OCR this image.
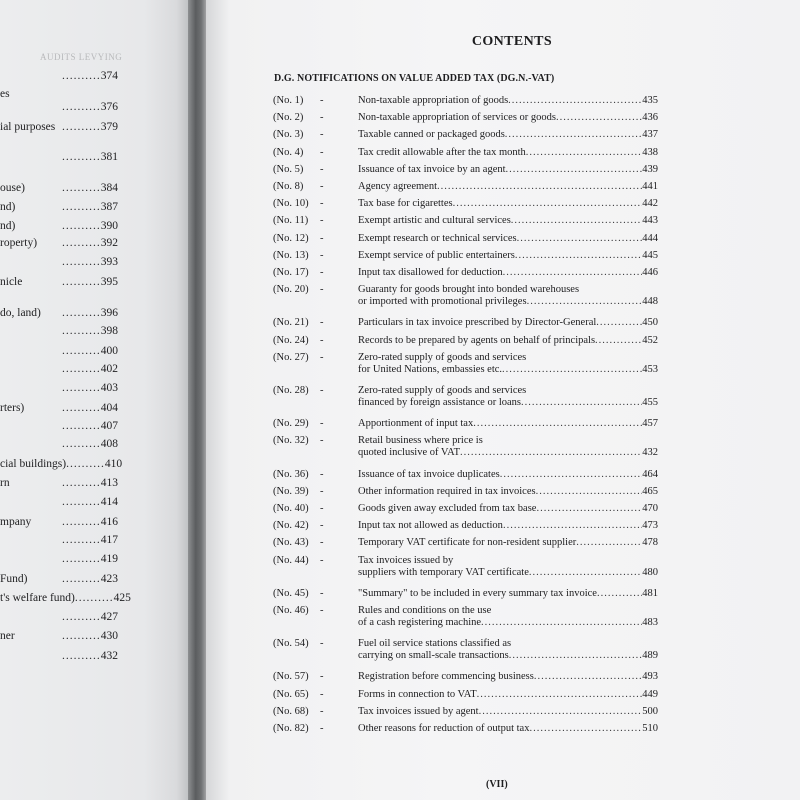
AUDITS LEVYING
..........374
es
..........376
ial purposes ..........379
..........381
ouse)	..........384
nd)	..........387
nd)	..........390
roperty) ..........392
..........393
nicle	..........395
do, land) ..........396
..........398
..........400
..........402
..........403
rters)	..........404
..........407
..........408
cial buildings) ..........410
rn	..........413
..........414
mpany	..........416
..........417
..........419
Fund)	..........423
t's welfare fund) ..........425
..........427
ner	..........430
..........432
CONTENTS
D.G. NOTIFICATIONS ON VALUE ADDED TAX (DG.N.-VAT)
(No. 1) -	Non-taxable appropriation of goods .....	435
(No. 2) -	Non-taxable appropriation of services or goods .....	436
(No. 3) -	Taxable canned or packaged goods .....	437
(No. 4) -	Tax credit allowable after the tax month .....	438
(No. 5) -	Issuance of tax invoice by an agent .....	439
(No. 8) -	Agency agreement .....	441
(No. 10) -	Tax base for cigarettes .....	442
(No. 11) -	Exempt artistic and cultural services .....	443
(No. 12) -	Exempt research or technical services .....	444
(No. 13) -	Exempt service of public entertainers .....	445
(No. 17) -	Input tax disallowed for deduction .....	446
(No. 20) -	Guaranty for goods brought into bonded warehouses
or imported with promotional privileges .....	448
(No. 21) -	Particulars in tax invoice prescribed by Director-General .....	450
(No. 24) -	Records to be prepared by agents on behalf of principals .....	452
(No. 27) -	Zero-rated supply of goods and services
for United Nations, embassies etc. .....	453
(No. 28) -	Zero-rated supply of goods and services
financed by foreign assistance or loans .....	455
(No. 29) -	Apportionment of input tax .....	457
(No. 32) -	Retail business where price is
quoted inclusive of VAT .....	432
(No. 36) -	Issuance of tax invoice duplicates .....	464
(No. 39) -	Other information required in tax invoices .....	465
(No. 40) -	Goods given away excluded from tax base .....	470
(No. 42) -	Input tax not allowed as deduction .....	473
(No. 43) -	Temporary VAT certificate for non-resident supplier .....	478
(No. 44) -	Tax invoices issued by
suppliers with temporary VAT certificate .....	480
(No. 45) -	"Summary" to be included in every summary tax invoice .....	481
(No. 46) -	Rules and conditions on the use
of a cash registering machine .....	483
(No. 54) -	Fuel oil service stations classified as
carrying on small-scale transactions .....	489
(No. 57) -	Registration before commencing business .....	493
(No. 65) -	Forms in connection to VAT .....	449
(No. 68) -	Tax invoices issued by agent .....	500
(No. 82) -	Other reasons for reduction of output tax .....	510
(VII)
